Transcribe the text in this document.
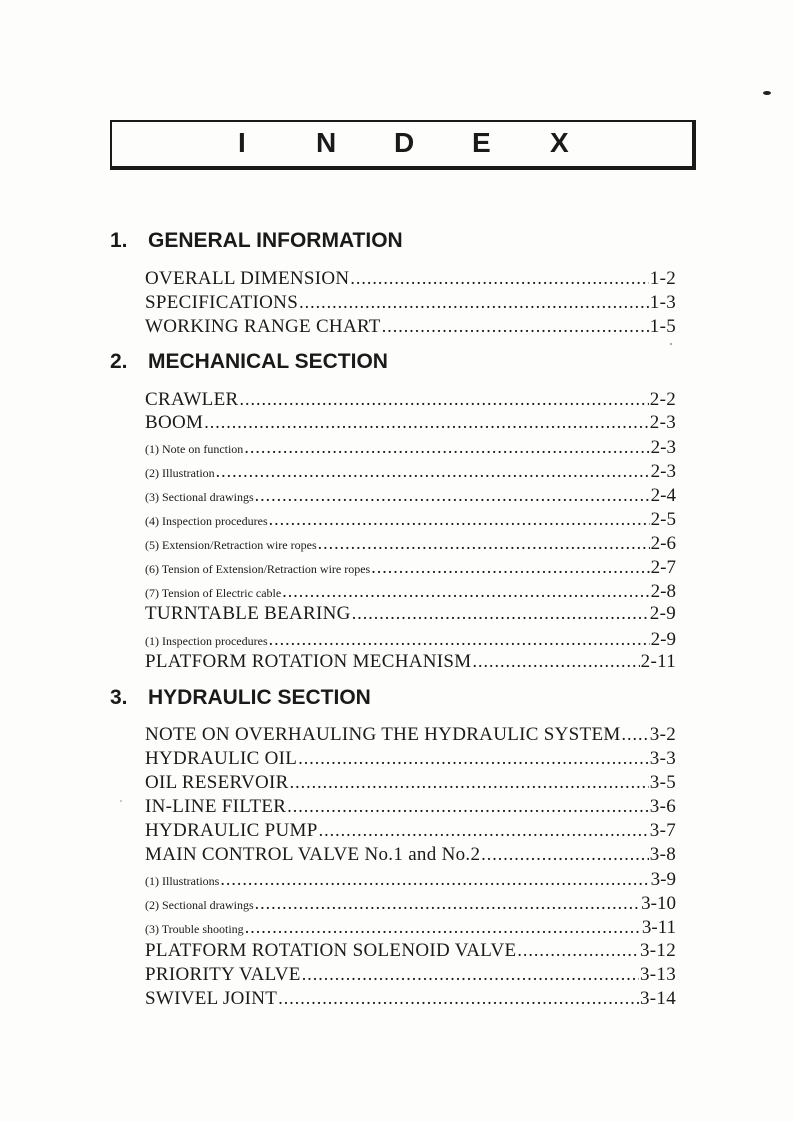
I	N	D	E	X
1. GENERAL INFORMATION
OVERALL DIMENSION .....	1-2
SPECIFICATIONS .....	1-3
WORKING RANGE CHART .....	1-5
2. MECHANICAL SECTION
CRAWLER .....	2-2
BOOM .....	2-3
(1) Note on function .....	2-3
(2) Illustration .....	2-3
(3) Sectional drawings .....	2-4
(4) Inspection procedures .....	2-5
(5) Extension/Retraction wire ropes .....	2-6
(6) Tension of Extension/Retraction wire ropes .....	2-7
(7) Tension of Electric cable .....	2-8
TURNTABLE BEARING .....	2-9
(1) Inspection procedures .....	2-9
PLATFORM ROTATION MECHANISM .....	2-11
3. HYDRAULIC SECTION
NOTE ON OVERHAULING THE HYDRAULIC SYSTEM ..... 3-2
HYDRAULIC OIL .....	3-3
OIL RESERVOIR .....	3-5
IN-LINE FILTER .....	3-6
HYDRAULIC PUMP .....	3-7
MAIN CONTROL VALVE No.1 and No.2 .....	3-8
(1) Illustrations .....	3-9
(2) Sectional drawings .....	3-10
(3) Trouble shooting .....	3-11
PLATFORM ROTATION SOLENOID VALVE .....	3-12
PRIORITY VALVE .....	3-13
SWIVEL JOINT .....	3-14
